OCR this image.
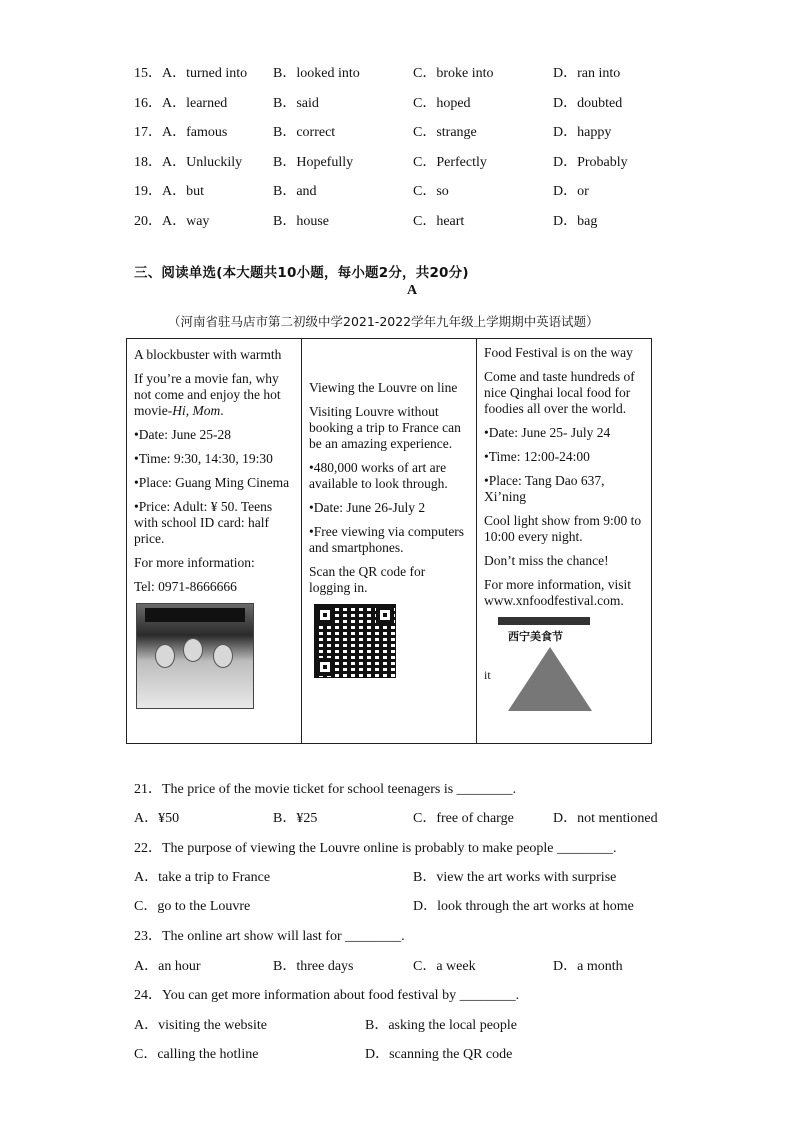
15． A．turned into B．looked into	C．broke into	D．ran into
16． A．learned	B．said	C．hoped	D．doubted
17． A．famous	B．correct	C．strange	D．happy
18． A．Unluckily B．Hopefully	C．Perfectly	D．Probably
19． A．but	B．and	C．so	D．or
20． A．way	B．house	C．heart	D．bag
三、阅读单选(本大题共10小题，每小题2分，共20分)
A
（河南省驻马店市第二初级中学2021-2022学年九年级上学期期中英语试题）

A blockbuster with warmth

If you’re a movie fan, why not come and enjoy the hot movie-Hi, Mom.

•Date: June 25-28

•Time: 9:30, 14:30, 19:30

•Place: Guang Ming Cinema

•Price: Adult: ¥ 50. Teens with school ID card: half price.

For more information:

Tel: 0971-8666666

Viewing the Louvre on line

Visiting Louvre without booking a trip to France can be an amazing experience.

•480,000 works of art are available to look through.

•Date: June 26-July 2

•Free viewing via computers and smartphones.

Scan the QR code for logging in.

Food Festival is on the way

Come and taste hundreds of nice Qinghai local food for foodies all over the world.

•Date: June 25- July 24

•Time: 12:00-24:00

•Place: Tang Dao 637, Xi’ning

Cool light show from 9:00 to 10:00 every night.

Don’t miss the chance!

For more information, visit www.xnfoodfestival.com.

西宁美食节
it
21．The price of the movie ticket for school teenagers is ________.
A．¥50	B．¥25	C．free of charge	D．not mentioned
22．The purpose of viewing the Louvre online is probably to make people ________.
A．take a trip to France	B．view the art works with surprise
C．go to the Louvre	D．look through the art works at home
23．The online art show will last for ________.
A．an hour	B．three days	C．a week	D．a month
24．You can get more information about food festival by ________.
A．visiting the website	B．asking the local people
C．calling the hotline	D．scanning the QR code
